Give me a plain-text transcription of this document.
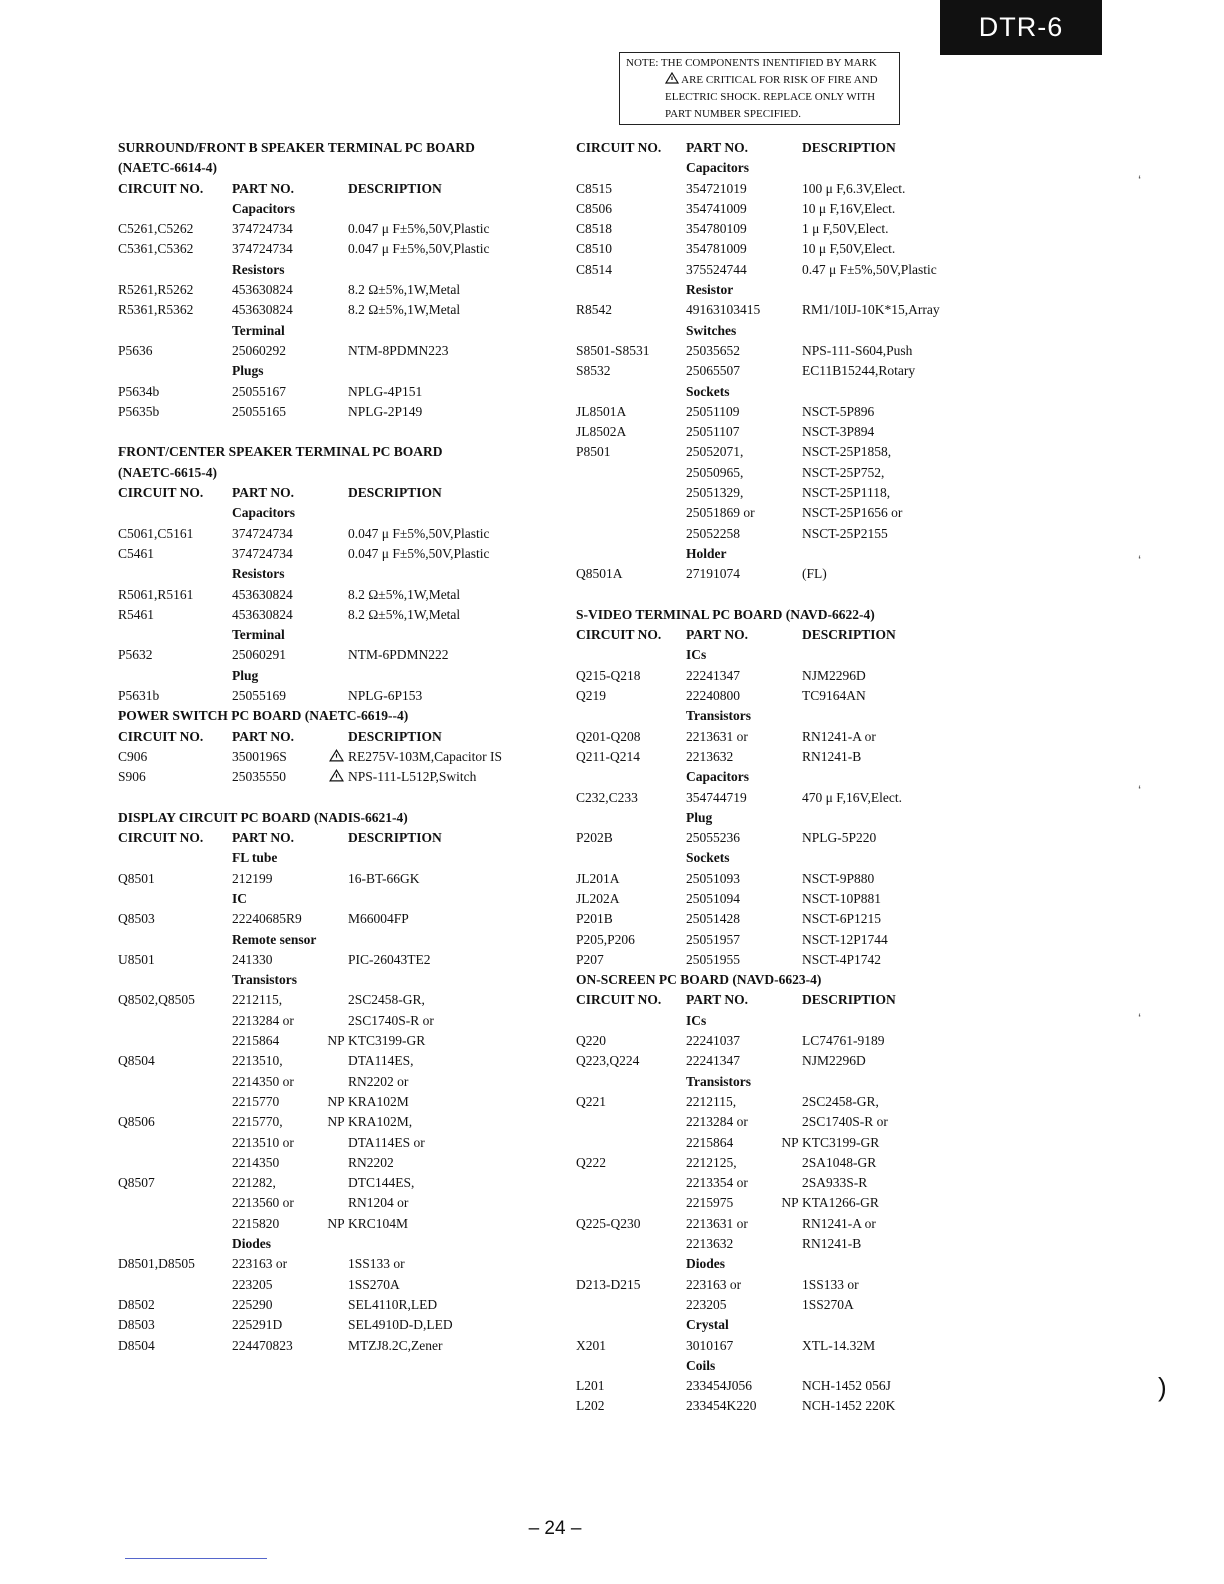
DTR-6
NOTE: THE COMPONENTS INENTIFIED BY MARK

ARE CRITICAL FOR RISK OF FIRE AND
ELECTRIC SHOCK. REPLACE ONLY WITH
PART NUMBER SPECIFIED.
SURROUND/FRONT B SPEAKER TERMINAL PC BOARD
(NAETC-6614-4)
CIRCUIT NO.	PART NO.	DESCRIPTION
Capacitors
C5261,C5262	374724734	0.047 μ F±5%,50V,Plastic
C5361,C5362	374724734	0.047 μ F±5%,50V,Plastic
Resistors
R5261,R5262	453630824	8.2 Ω±5%,1W,Metal
R5361,R5362	453630824	8.2 Ω±5%,1W,Metal
Terminal
P5636	25060292	NTM-8PDMN223
Plugs
P5634b	25055167	NPLG-4P151
P5635b	25055165	NPLG-2P149
FRONT/CENTER SPEAKER TERMINAL PC BOARD
(NAETC-6615-4)
CIRCUIT NO.	PART NO.	DESCRIPTION
Capacitors
C5061,C5161	374724734	0.047 μ F±5%,50V,Plastic
C5461	374724734	0.047 μ F±5%,50V,Plastic
Resistors
R5061,R5161	453630824	8.2 Ω±5%,1W,Metal
R5461	453630824	8.2 Ω±5%,1W,Metal
Terminal
P5632	25060291	NTM-6PDMN222
Plug
P5631b	25055169	NPLG-6P153
POWER SWITCH PC BOARD (NAETC-6619--4)
CIRCUIT NO.	PART NO.	DESCRIPTION
C906	3500196S	RE275V-103M,Capacitor IS
S906	25035550	NPS-111-L512P,Switch
DISPLAY CIRCUIT PC BOARD (NADIS-6621-4)
CIRCUIT NO.	PART NO.	DESCRIPTION
FL tube
Q8501	212199	16-BT-66GK
IC
Q8503	22240685R9	M66004FP
Remote sensor
U8501	241330	PIC-26043TE2
Transistors
Q8502,Q8505	2212115,	2SC2458-GR,
2213284 or	2SC1740S-R or
2215864	NP KTC3199-GR
Q8504	2213510,	DTA114ES,
2214350 or	RN2202 or
2215770	NP KRA102M
Q8506	2215770,	NP KRA102M,
2213510 or	DTA114ES or
2214350	RN2202
Q8507	221282,	DTC144ES,
2213560 or	RN1204 or
2215820	NP KRC104M
Diodes
D8501,D8505	223163 or	1SS133 or
223205	1SS270A
D8502	225290	SEL4110R,LED
D8503	225291D	SEL4910D-D,LED
D8504	224470823	MTZJ8.2C,Zener
CIRCUIT NO.	PART NO.	DESCRIPTION
Capacitors
C8515	354721019	100 μ F,6.3V,Elect.
C8506	354741009	10 μ F,16V,Elect.
C8518	354780109	1 μ F,50V,Elect.
C8510	354781009	10 μ F,50V,Elect.
C8514	375524744	0.47 μ F±5%,50V,Plastic
Resistor
R8542	49163103415	RM1/10IJ-10K*15,Array
Switches
S8501-S8531	25035652	NPS-111-S604,Push
S8532	25065507	EC11B15244,Rotary
Sockets
JL8501A	25051109	NSCT-5P896
JL8502A	25051107	NSCT-3P894
P8501	25052071,	NSCT-25P1858,
25050965,	NSCT-25P752,
25051329,	NSCT-25P1118,
25051869 or	NSCT-25P1656 or
25052258	NSCT-25P2155
Holder
Q8501A	27191074	(FL)
S-VIDEO TERMINAL PC BOARD (NAVD-6622-4)
CIRCUIT NO.	PART NO.	DESCRIPTION
ICs
Q215-Q218	22241347	NJM2296D
Q219	22240800	TC9164AN
Transistors
Q201-Q208	2213631 or	RN1241-A or
Q211-Q214	2213632	RN1241-B
Capacitors
C232,C233	354744719	470 μ F,16V,Elect.
Plug
P202B	25055236	NPLG-5P220
Sockets
JL201A	25051093	NSCT-9P880
JL202A	25051094	NSCT-10P881
P201B	25051428	NSCT-6P1215
P205,P206	25051957	NSCT-12P1744
P207	25051955	NSCT-4P1742
ON-SCREEN PC BOARD (NAVD-6623-4)
CIRCUIT NO.	PART NO.	DESCRIPTION
ICs
Q220	22241037	LC74761-9189
Q223,Q224	22241347	NJM2296D
Transistors
Q221	2212115,	2SC2458-GR,
2213284 or	2SC1740S-R or
2215864	NP KTC3199-GR
Q222	2212125,	2SA1048-GR
2213354 or	2SA933S-R
2215975	NP KTA1266-GR
Q225-Q230	2213631 or	RN1241-A or
2213632	RN1241-B
Diodes
D213-D215	223163 or	1SS133 or
223205	1SS270A
Crystal
X201	3010167	XTL-14.32M
Coils
L201	233454J056	NCH-1452 056J
L202	233454K220	NCH-1452 220K
– 24 –
‘
‘
‘
‘
)
